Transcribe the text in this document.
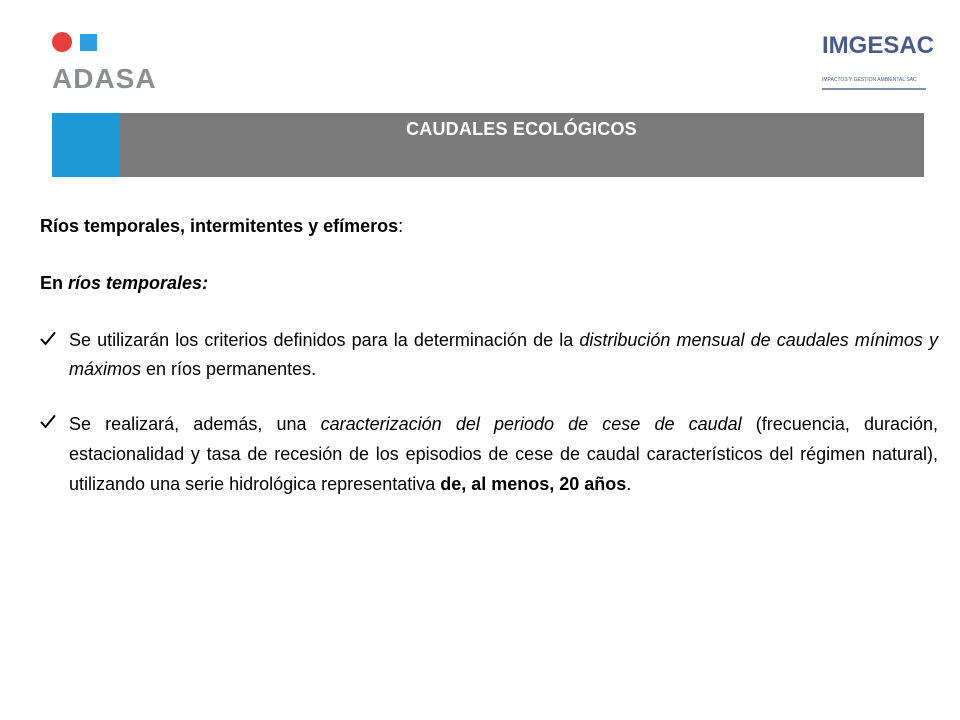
ADASA
IMGESAC
IMPACTOS Y GESTIÓN AMBIENTAL SAC
CAUDALES ECOLÓGICOS

Ríos temporales, intermitentes y efímeros:

En ríos temporales:

Se utilizarán los criterios definidos para la determinación de la distribución mensual de caudales mínimos y máximos en ríos permanentes.
Se realizará, además, una caracterización del periodo de cese de caudal (frecuencia, duración, estacionalidad y tasa de recesión de los episodios de cese de caudal característicos del régimen natural), utilizando una serie hidrológica representativa de, al menos, 20 años.
